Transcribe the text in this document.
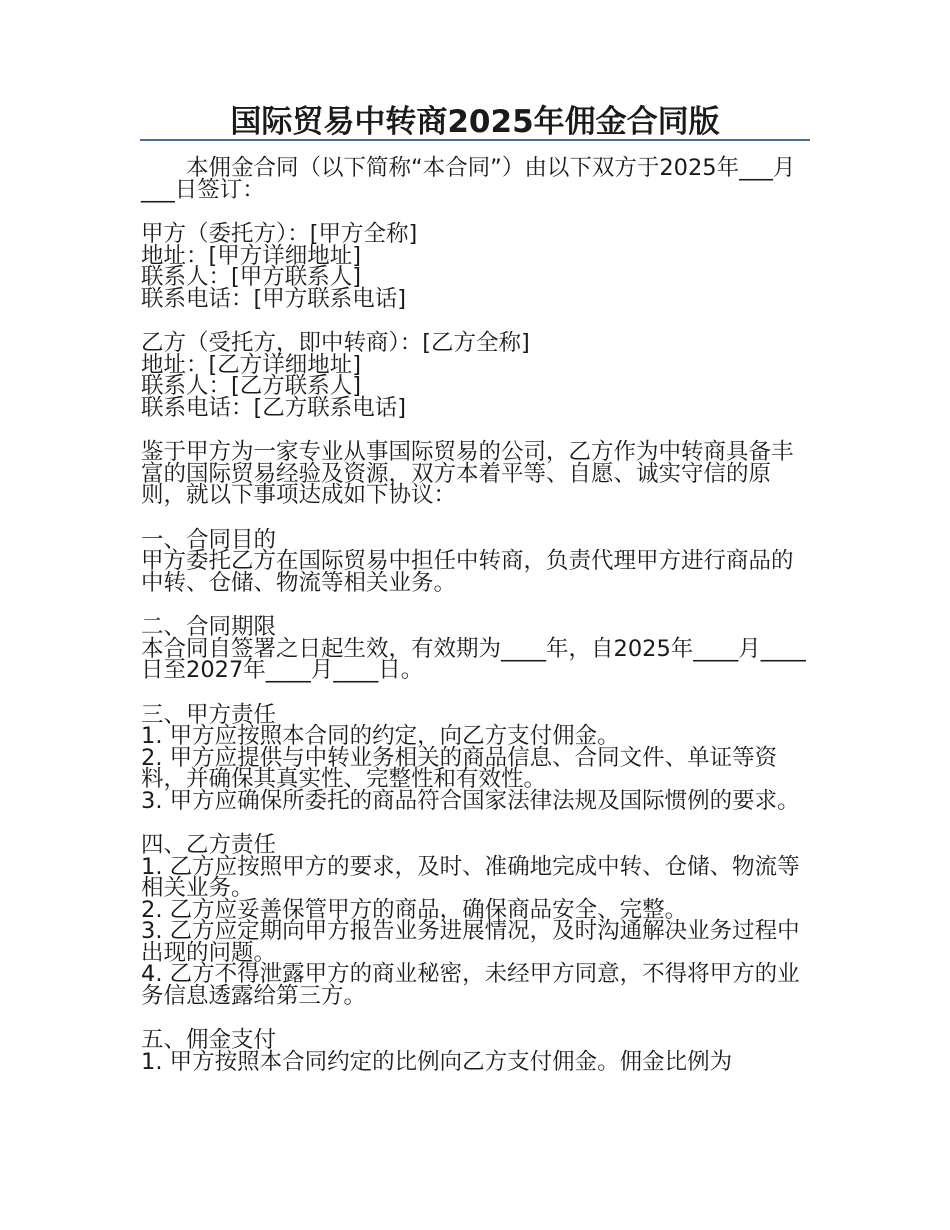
国际贸易中转商2025年佣金合同版

本佣金合同（以下简称“本合同”）由以下双方于2025年___月___日签订：

甲方（委托方）：[甲方全称]
地址：[甲方详细地址]
联系人：[甲方联系人]
联系电话：[甲方联系电话]
乙方（受托方，即中转商）：[乙方全称]
地址：[乙方详细地址]
联系人：[乙方联系人]
联系电话：[乙方联系电话]

鉴于甲方为一家专业从事国际贸易的公司，乙方作为中转商具备丰富的国际贸易经验及资源，双方本着平等、自愿、诚实守信的原则，就以下事项达成如下协议：

一、合同目的
甲方委托乙方在国际贸易中担任中转商，负责代理甲方进行商品的中转、仓储、物流等相关业务。
二、合同期限
本合同自签署之日起生效，有效期为____年，自2025年____月____日至2027年____月____日。
三、甲方责任
1. 甲方应按照本合同的约定，向乙方支付佣金。
2. 甲方应提供与中转业务相关的商品信息、合同文件、单证等资料，并确保其真实性、完整性和有效性。
3. 甲方应确保所委托的商品符合国家法律法规及国际惯例的要求。
四、乙方责任
1. 乙方应按照甲方的要求，及时、准确地完成中转、仓储、物流等相关业务。
2. 乙方应妥善保管甲方的商品，确保商品安全、完整。
3. 乙方应定期向甲方报告业务进展情况，及时沟通解决业务过程中出现的问题。
4. 乙方不得泄露甲方的商业秘密，未经甲方同意，不得将甲方的业务信息透露给第三方。
五、佣金支付
1. 甲方按照本合同约定的比例向乙方支付佣金。佣金比例为
